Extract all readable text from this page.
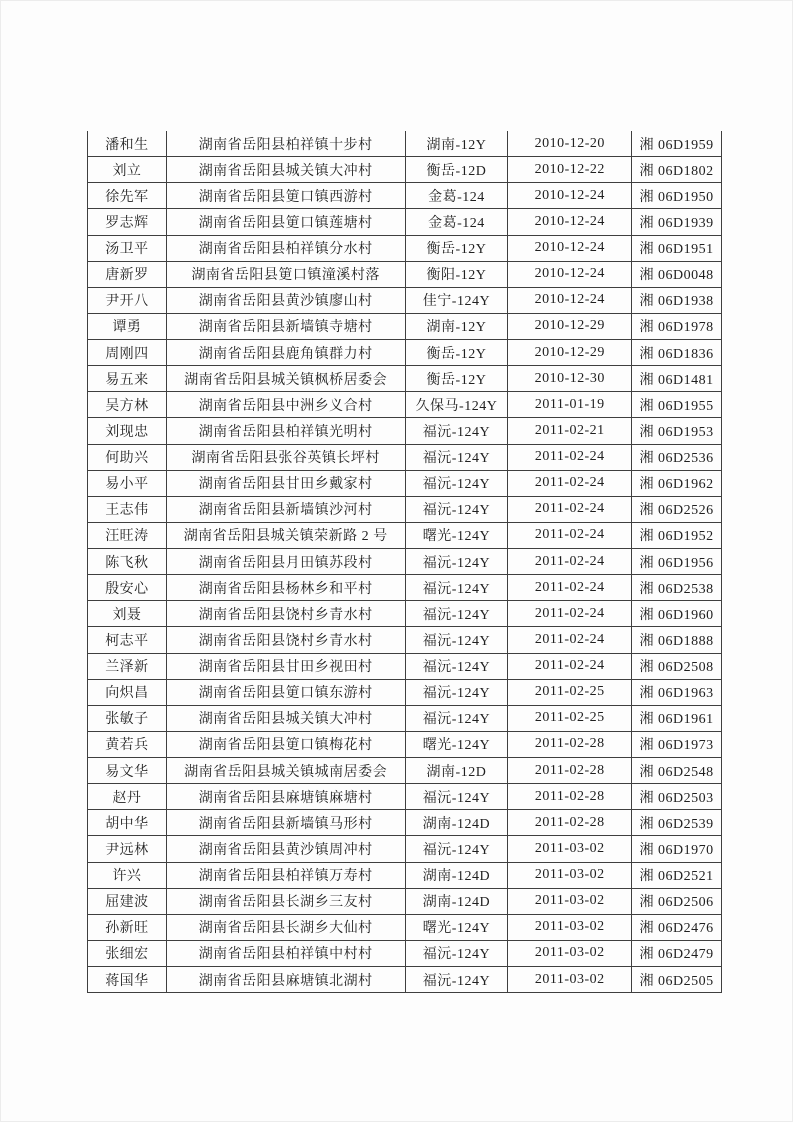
潘和生	湖南省岳阳县柏祥镇十步村	湖南-12Y	2010-12-20	湘 06D1959
刘立	湖南省岳阳县城关镇大冲村	衡岳-12D	2010-12-22	湘 06D1802
徐先军	湖南省岳阳县筻口镇西游村	金葛-124	2010-12-24	湘 06D1950
罗志辉	湖南省岳阳县筻口镇莲塘村	金葛-124	2010-12-24	湘 06D1939
汤卫平	湖南省岳阳县柏祥镇分水村	衡岳-12Y	2010-12-24	湘 06D1951
唐新罗	湖南省岳阳县筻口镇潼溪村落	衡阳-12Y	2010-12-24	湘 06D0048
尹开八	湖南省岳阳县黄沙镇廖山村	佳宁-124Y	2010-12-24	湘 06D1938
谭勇	湖南省岳阳县新墙镇寺塘村	湖南-12Y	2010-12-29	湘 06D1978
周刚四	湖南省岳阳县鹿角镇群力村	衡岳-12Y	2010-12-29	湘 06D1836
易五来	湖南省岳阳县城关镇枫桥居委会	衡岳-12Y	2010-12-30	湘 06D1481
吴方林	湖南省岳阳县中洲乡义合村	久保马-124Y	2011-01-19	湘 06D1955
刘现忠	湖南省岳阳县柏祥镇光明村	福沅-124Y	2011-02-21	湘 06D1953
何助兴	湖南省岳阳县张谷英镇长坪村	福沅-124Y	2011-02-24	湘 06D2536
易小平	湖南省岳阳县甘田乡戴家村	福沅-124Y	2011-02-24	湘 06D1962
王志伟	湖南省岳阳县新墙镇沙河村	福沅-124Y	2011-02-24	湘 06D2526
汪旺涛	湖南省岳阳县城关镇荣新路 2 号	曙光-124Y	2011-02-24	湘 06D1952
陈飞秋	湖南省岳阳县月田镇苏段村	福沅-124Y	2011-02-24	湘 06D1956
殷安心	湖南省岳阳县杨林乡和平村	福沅-124Y	2011-02-24	湘 06D2538
刘聂	湖南省岳阳县饶村乡青水村	福沅-124Y	2011-02-24	湘 06D1960
柯志平	湖南省岳阳县饶村乡青水村	福沅-124Y	2011-02-24	湘 06D1888
兰泽新	湖南省岳阳县甘田乡视田村	福沅-124Y	2011-02-24	湘 06D2508
向炽昌	湖南省岳阳县筻口镇东游村	福沅-124Y	2011-02-25	湘 06D1963
张敏子	湖南省岳阳县城关镇大冲村	福沅-124Y	2011-02-25	湘 06D1961
黄若兵	湖南省岳阳县筻口镇梅花村	曙光-124Y	2011-02-28	湘 06D1973
易文华	湖南省岳阳县城关镇城南居委会	湖南-12D	2011-02-28	湘 06D2548
赵丹	湖南省岳阳县麻塘镇麻塘村	福沅-124Y	2011-02-28	湘 06D2503
胡中华	湖南省岳阳县新墙镇马形村	湖南-124D	2011-02-28	湘 06D2539
尹远林	湖南省岳阳县黄沙镇周冲村	福沅-124Y	2011-03-02	湘 06D1970
许兴	湖南省岳阳县柏祥镇万寿村	湖南-124D	2011-03-02	湘 06D2521
屈建波	湖南省岳阳县长湖乡三友村	湖南-124D	2011-03-02	湘 06D2506
孙新旺	湖南省岳阳县长湖乡大仙村	曙光-124Y	2011-03-02	湘 06D2476
张细宏	湖南省岳阳县柏祥镇中村村	福沅-124Y	2011-03-02	湘 06D2479
蒋国华	湖南省岳阳县麻塘镇北湖村	福沅-124Y	2011-03-02	湘 06D2505
